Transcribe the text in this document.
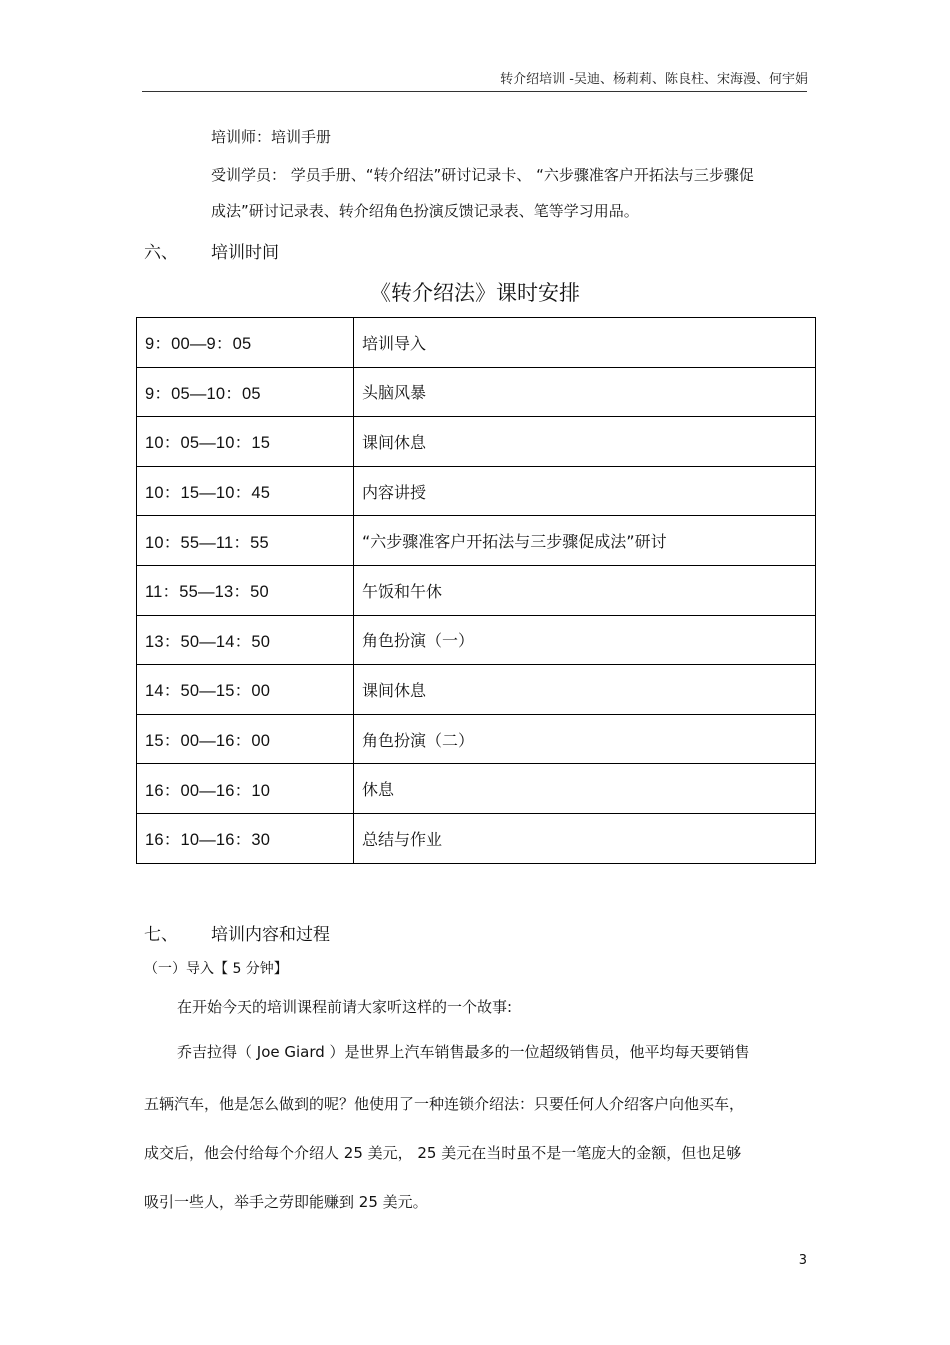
转介绍培训 -吴迪、杨莉莉、陈良柱、宋海漫、何宇娟
培训师：培训手册
受训学员： 学员手册、“转介绍法”研讨记录卡、 “六步骤准客户开拓法与三步骤促
成法”研讨记录表、转介绍角色扮演反馈记录表、笔等学习用品。
六、 培训时间
《转介绍法》课时安排
9：00—9：05	培训导入
9：05—10：05	头脑风暴
10：05—10：15	课间休息
10：15—10：45	内容讲授
10：55—11：55	“六步骤准客户开拓法与三步骤促成法”研讨
11：55—13：50	午饭和午休
13：50—14：50	角色扮演（一）
14：50—15：00	课间休息
15：00—16：00	角色扮演（二）
16：00—16：10	休息
16：10—16：30	总结与作业
七、 培训内容和过程
（一）导入【 5 分钟】
在开始今天的培训课程前请大家听这样的一个故事:
乔吉拉得（ Joe Giard ）是世界上汽车销售最多的一位超级销售员，他平均每天要销售
五辆汽车，他是怎么做到的呢？他使用了一种连锁介绍法：只要任何人介绍客户向他买车，
成交后，他会付给每个介绍人 25 美元， 25 美元在当时虽不是一笔庞大的金额，但也足够
吸引一些人，举手之劳即能赚到 25 美元。
3
